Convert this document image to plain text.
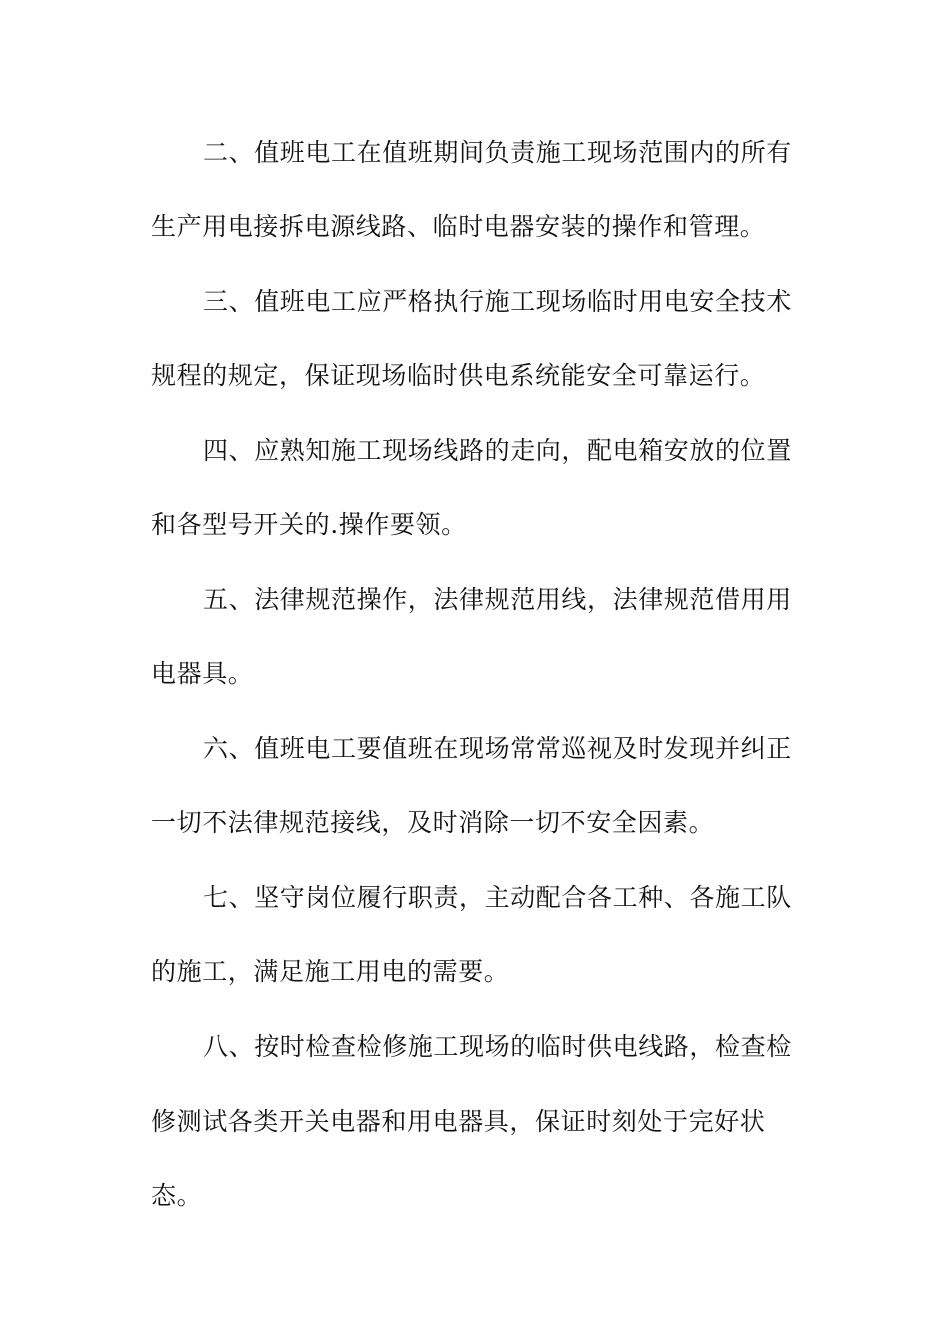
二、值班电工在值班期间负责施工现场范围内的所有
生产用电接拆电源线路、临时电器安装的操作和管理。
三、值班电工应严格执行施工现场临时用电安全技术
规程的规定，保证现场临时供电系统能安全可靠运行。
四、应熟知施工现场线路的走向，配电箱安放的位置
和各型号开关的.操作要领。
五、法律规范操作，法律规范用线，法律规范借用用
电器具。
六、值班电工要值班在现场常常巡视及时发现并纠正
一切不法律规范接线，及时消除一切不安全因素。
七、坚守岗位履行职责，主动配合各工种、各施工队
的施工，满足施工用电的需要。
八、按时检查检修施工现场的临时供电线路，检查检
修测试各类开关电器和用电器具，保证时刻处于完好状
态。
